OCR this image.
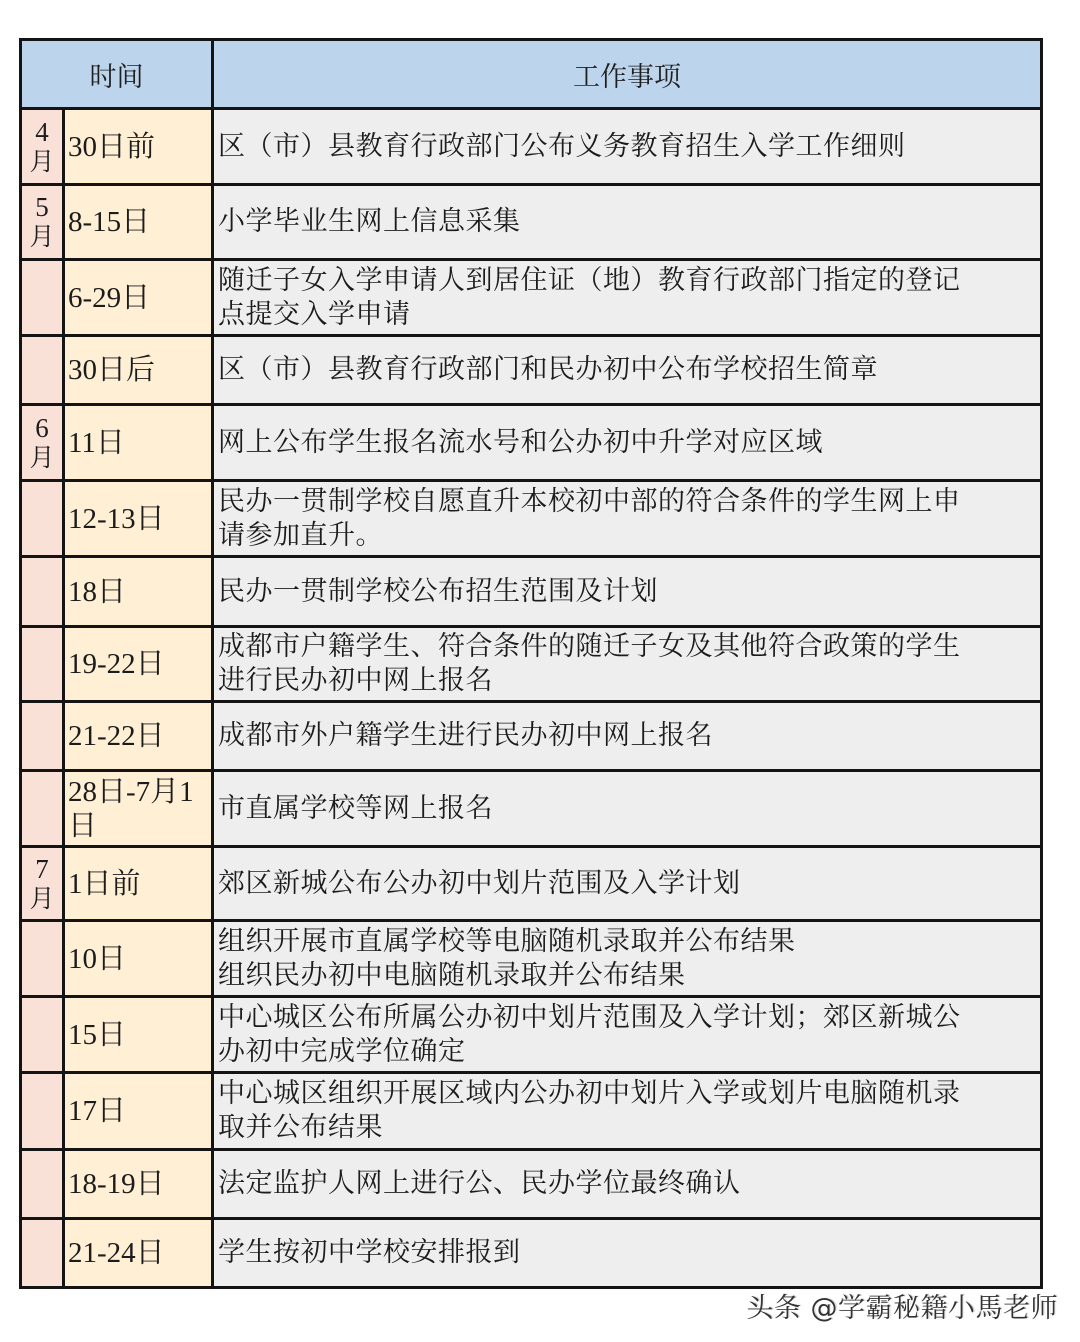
时间		工作事项

4
月	30日前	区（市）县教育行政部门公布义务教育招生入学工作细则

5
月	8-15日	小学毕业生网上信息采集

	6-29日	随迁子女入学申请人到居住证（地）教育行政部门指定的登记
点提交入学申请

	30日后	区（市）县教育行政部门和民办初中公布学校招生简章

6
月	11日	网上公布学生报名流水号和公办初中升学对应区域

	12-13日	民办一贯制学校自愿直升本校初中部的符合条件的学生网上申
请参加直升。

	18日	民办一贯制学校公布招生范围及计划

	19-22日	成都市户籍学生、符合条件的随迁子女及其他符合政策的学生
进行民办初中网上报名

	21-22日	成都市外户籍学生进行民办初中网上报名

	28日-7月1日	市直属学校等网上报名

7
月	1日前	郊区新城公布公办初中划片范围及入学计划

	10日	组织开展市直属学校等电脑随机录取并公布结果
组织民办初中电脑随机录取并公布结果

	15日	中心城区公布所属公办初中划片范围及入学计划；郊区新城公
办初中完成学位确定

	17日	中心城区组织开展区域内公办初中划片入学或划片电脑随机录
取并公布结果

	18-19日	法定监护人网上进行公、民办学位最终确认

	21-24日	学生按初中学校安排报到
头条 @学霸秘籍小馬老师
